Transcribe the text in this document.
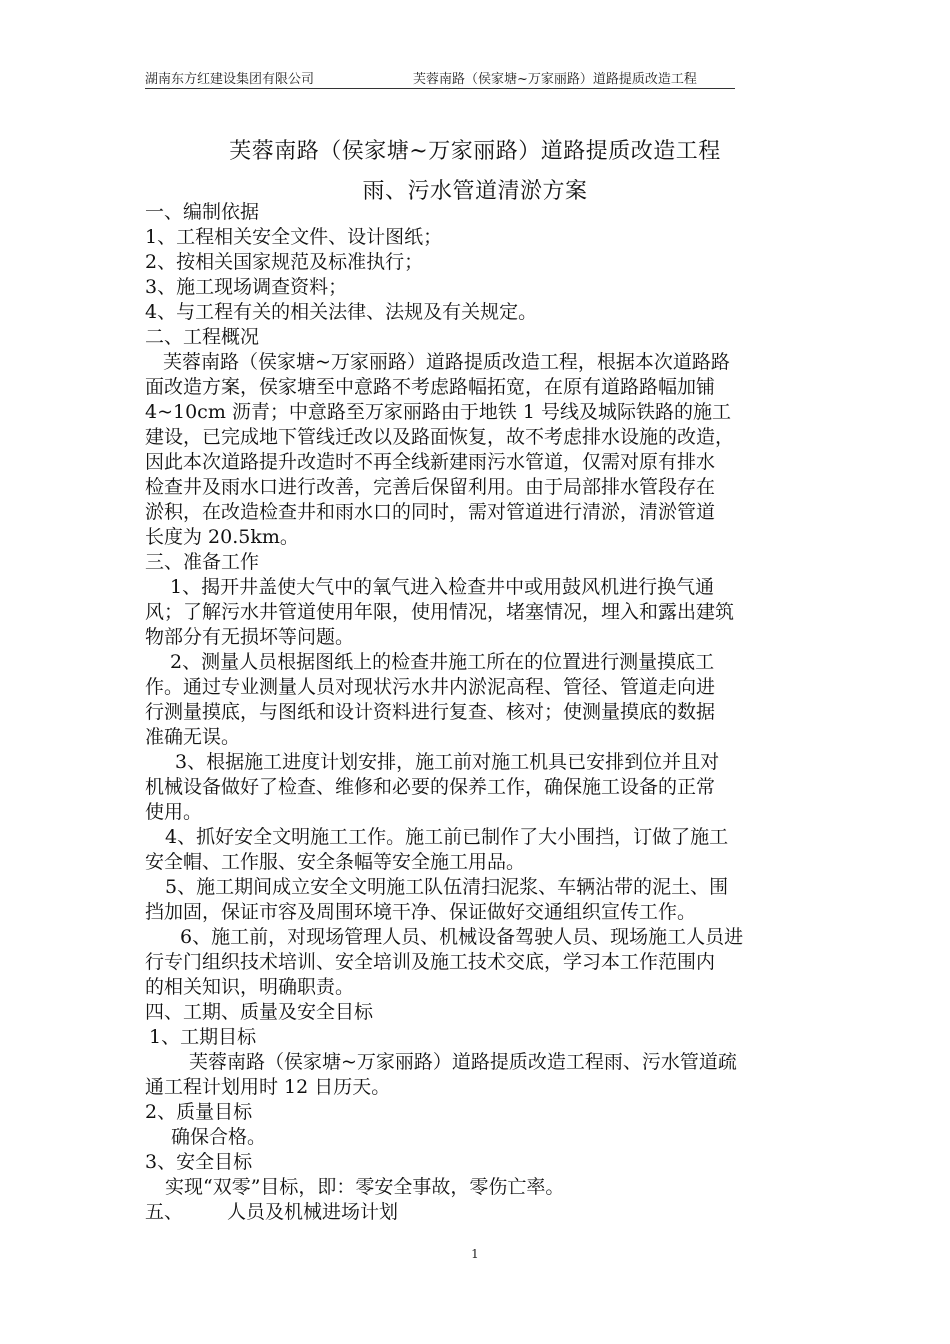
湖南东方红建设集团有限公司	芙蓉南路（侯家塘~万家丽路）道路提质改造工程
芙蓉南路（侯家塘~万家丽路）道路提质改造工程
雨、污水管道清淤方案

一、编制依据

1、工程相关安全文件、设计图纸；

2、按相关国家规范及标准执行；

3、施工现场调查资料；

4、与工程有关的相关法律、法规及有关规定。

二、工程概况

芙蓉南路（侯家塘~万家丽路）道路提质改造工程，根据本次道路路

面改造方案，侯家塘至中意路不考虑路幅拓宽，在原有道路路幅加铺

4~10cm 沥青；中意路至万家丽路由于地铁 1 号线及城际铁路的施工

建设，已完成地下管线迁改以及路面恢复，故不考虑排水设施的改造，

因此本次道路提升改造时不再全线新建雨污水管道，仅需对原有排水

检查井及雨水口进行改善，完善后保留利用。由于局部排水管段存在

淤积，在改造检查井和雨水口的同时，需对管道进行清淤，清淤管道

长度为 20.5km。

三、准备工作

1、揭开井盖使大气中的氧气进入检查井中或用鼓风机进行换气通

风；了解污水井管道使用年限，使用情况，堵塞情况，埋入和露出建筑

物部分有无损坏等问题。

2、测量人员根据图纸上的检查井施工所在的位置进行测量摸底工

作。通过专业测量人员对现状污水井内淤泥高程、管径、管道走向进

行测量摸底，与图纸和设计资料进行复查、核对；使测量摸底的数据

准确无误。

3、根据施工进度计划安排，施工前对施工机具已安排到位并且对

机械设备做好了检查、维修和必要的保养工作，确保施工设备的正常

使用。

4、抓好安全文明施工工作。施工前已制作了大小围挡，订做了施工

安全帽、工作服、安全条幅等安全施工用品。

5、施工期间成立安全文明施工队伍清扫泥浆、车辆沾带的泥土、围

挡加固，保证市容及周围环境干净、保证做好交通组织宣传工作。

6、施工前，对现场管理人员、机械设备驾驶人员、现场施工人员进

行专门组织技术培训、安全培训及施工技术交底，学习本工作范围内

的相关知识，明确职责。

四、工期、质量及安全目标

1、工期目标

芙蓉南路（侯家塘~万家丽路）道路提质改造工程雨、污水管道疏

通工程计划用时 12 日历天。

2、质量目标

确保合格。

3、安全目标

实现“双零”目标，即：零安全事故，零伤亡率。

五、 人员及机械进场计划

1
